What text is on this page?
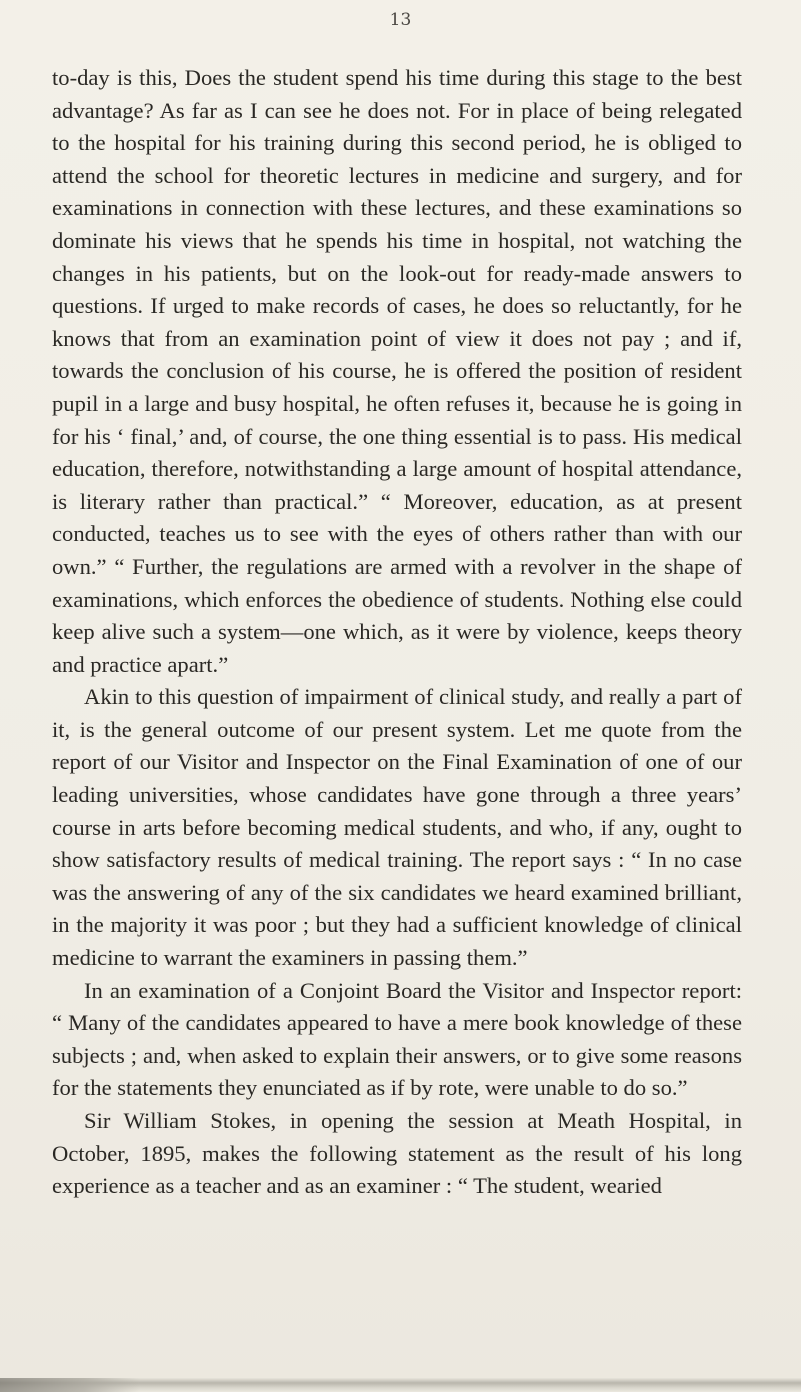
13

to-day is this, Does the student spend his time during this stage to the best advantage? As far as I can see he does not. For in place of being relegated to the hospital for his training during this second period, he is obliged to attend the school for theoretic lectures in medicine and surgery, and for examinations in connection with these lectures, and these examinations so dominate his views that he spends his time in hospital, not watching the changes in his patients, but on the look-out for ready-made answers to questions. If urged to make records of cases, he does so reluctantly, for he knows that from an examination point of view it does not pay ; and if, towards the conclusion of his course, he is offered the position of resident pupil in a large and busy hospital, he often refuses it, because he is going in for his ‘ final,’ and, of course, the one thing essential is to pass. His medical education, therefore, notwithstanding a large amount of hospital attendance, is literary rather than practical.” “ Moreover, education, as at present conducted, teaches us to see with the eyes of others rather than with our own.” “ Further, the regulations are armed with a revolver in the shape of examinations, which enforces the obedience of students. Nothing else could keep alive such a system—one which, as it were by violence, keeps theory and practice apart.”

Akin to this question of impairment of clinical study, and really a part of it, is the general outcome of our present system. Let me quote from the report of our Visitor and Inspector on the Final Examination of one of our leading universities, whose candidates have gone through a three years’ course in arts before becoming medical students, and who, if any, ought to show satisfactory results of medical training. The report says : “ In no case was the answering of any of the six candidates we heard examined brilliant, in the majority it was poor ; but they had a sufficient knowledge of clinical medicine to warrant the examiners in passing them.”

In an examination of a Conjoint Board the Visitor and Inspector report: “ Many of the candidates appeared to have a mere book knowledge of these subjects ; and, when asked to explain their answers, or to give some reasons for the statements they enunciated as if by rote, were unable to do so.”

Sir William Stokes, in opening the session at Meath Hospital, in October, 1895, makes the following statement as the result of his long experience as a teacher and as an examiner : “ The student, wearied
